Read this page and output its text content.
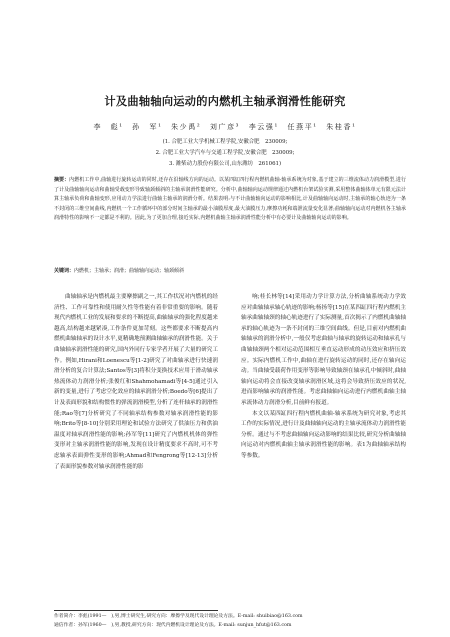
计及曲轴轴向运动的内燃机主轴承润滑性能研究
李　彪¹　孙　军¹　朱少禹²　刘广彦³　李云强¹　任燕平¹　朱桂香¹
(1. 合肥工业大学机械工程学院,安徽合肥　230009;
2. 合肥工业大学汽车与交通工程学院,安徽合肥　230009;
3. 潍柴动力股份有限公司,山东潍坊　261061)
摘要：内燃机工作中,曲轴进行旋转运动的同时,还存在沿轴线方向的运动。以某四缸四行程内燃机曲轴-轴承系统为对象,基于建立的三维流体动力润滑模型,进行了计及曲轴轴向运动和曲轴受载变形导致轴颈倾斜的主轴承润滑性能研究。分析中,曲轴轴向运动规律通过内燃机台架试验实测,采用整体曲轴体单元有限元法计算主轴承负荷和曲轴变形,应用动力学法进行曲轴主轴承的润滑分析。结果表明:与不计曲轴轴向运动的影响相比,计及曲轴轴向运动时,主轴承的轴心轨迹为一条不封闭的三维空间曲线,内燃机一个工作循环中的部分时间主轴承的最小油膜厚度,最大油膜压力,摩擦功耗和端泄流量变化显著;曲轴轴向运动对内燃机各主轴承润滑特性的影响不一定都是不利的。因此,为了更加合理,接近实际,内燃机曲轴主轴承润滑性能分析中有必要计及曲轴轴向运动的影响。
关键词：内燃机；主轴承；润滑；曲轴轴向运动；轴颈倾斜

曲轴轴承是内燃机最主要摩擦副之一,其工作状况对内燃机的经济性、工作可靠性和使用耐久性等性能有着非常重要的影响。随着现代内燃机工业的发展和要求的不断提高,曲轴轴承的强化程度越来越高,结构越来越紧凑,工作条件更加苛刻。这些都要求不断提高内燃机曲轴轴承的设计水平,更精确地预测曲轴轴承的润滑性能。关于曲轴轴承润滑性能的研究,国内外同行专家学者开展了大量的研究工作。例如,Hirani和Loenescu等[1-2]研究了对曲轴承进行快速润滑分析的复合计算法;Santos等[3]将积分变换技术应用于滑动轴承热流体动力润滑分析;张俊红和Shahmohamadi等[4-5]通过引入新的变量,进行了考虑空化效应的轴承润滑分析;Boedo等[6]提出了计及表面形貌和结构惯性的弹流润滑模型,分析了连杆轴承的润滑性能;Rao等[7]分析研究了不同轴承结构参数对轴承润滑性能的影响;Brito等[8-10]分别采用理论和试验方法研究了供油压力和供油温度对轴承润滑性能的影响;孙军等[11]研究了内燃机机体的弹性变形对主轴承润滑性能的影响,发现在设计精度要求不高时,可不考虑轴承表面弹性变形的影响;Ahmad和Fengrong等[12-13]分析了表面形貌参数对轴承润滑性能的影

响;桂长林等[14]采用动力学计算方法,分析曲轴系统动力学效应对曲轴轴承轴心轨迹的影响;杨扬等[15]在某四缸四行程内燃机主轴承曲轴轴颈的轴心轨迹进行了实际测量,首次揭示了内燃机曲轴轴承的轴心轨迹为一条不封闭的三维空间曲线。但是,目前对内燃机曲轴轴承的润滑分析中,一般仅考虑曲轴与轴承的旋转运动和轴承孔与曲轴轴颈两个相对运动范围相互垂直运动形成的动压效应和挤压效应。实际内燃机工作中,曲轴在进行旋转运动的同时,还存在轴向运动。当曲轴受载荷作用变形等影响导致轴颈在轴承孔中倾斜时,曲轴轴向运动将会直接改变轴承润滑区域,这将会导致挤压效应的状况,进而影响轴承的润滑性能。考虑曲轴轴向运动进行内燃机曲轴主轴承流体动力润滑分析,目前鲜有报道。

本文以某四缸四行程内燃机曲轴-轴承系统为研究对象,考虑其工作的实际情况,进行计及曲轴轴向运动的主轴承流体动力润滑性能分析。通过与不考虑曲轴轴向运动影响的结果比较,研究分析曲轴轴向运动对内燃机曲轴主轴承润滑性能的影响。表1为曲轴轴承结构等参数。

作者简介：李彪(1991—　),男,博士研究生,研究方向：摩擦学及现代设计理论及方法。E-mail: shuibiao@163.com
通信作者：孙军(1960—　),男,教授,研究方向：现代内燃机设计理论及方法。E-mail: sunjun_hfut@163.com
